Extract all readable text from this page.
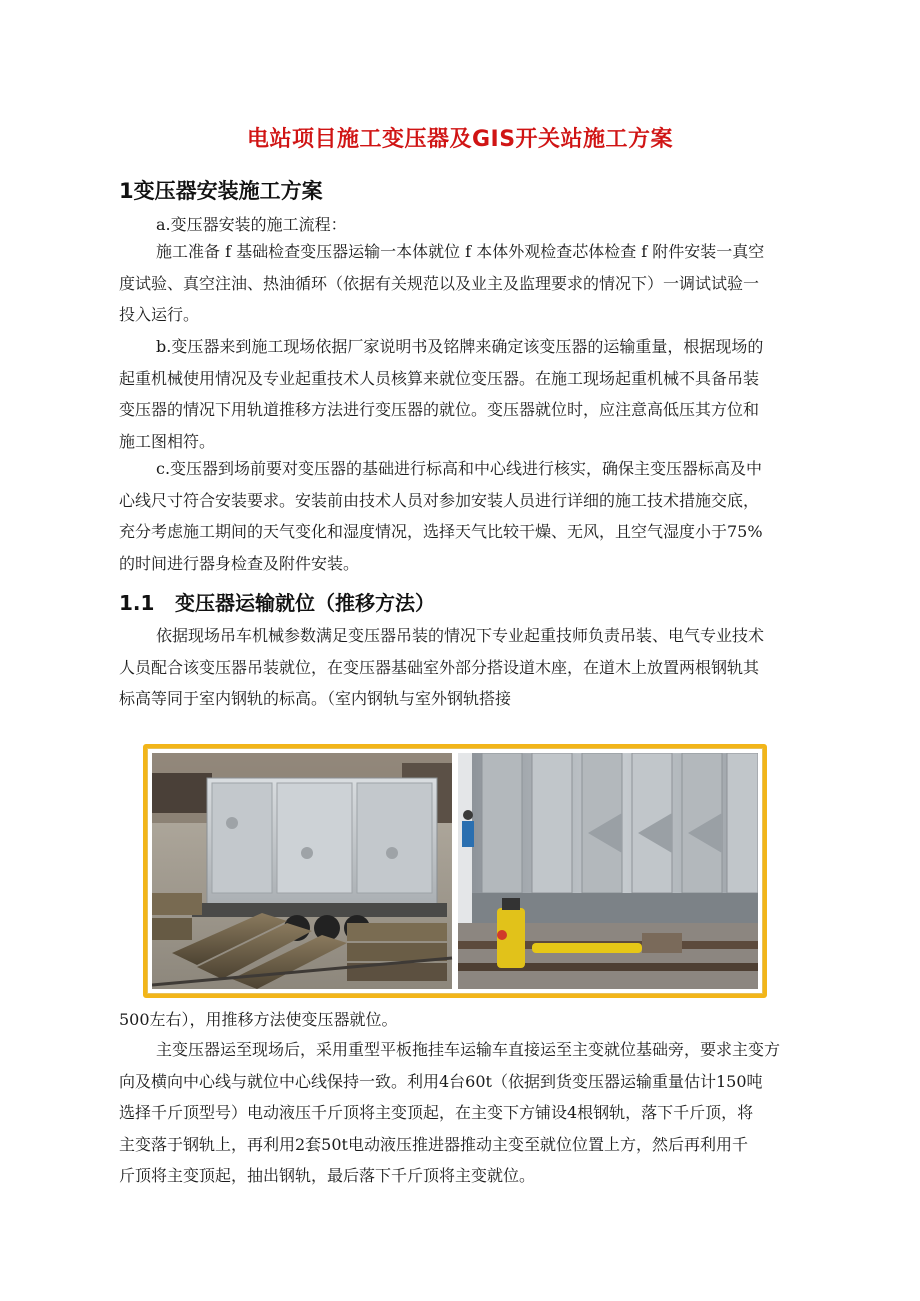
电站项目施工变压器及GIS开关站施工方案
1变压器安装施工方案
a.变压器安装的施工流程：
施工准备 f 基础检查变压器运输一本体就位 f 本体外观检查芯体检查 f 附件安装一真空
度试验、真空注油、热油循环（依据有关规范以及业主及监理要求的情况下）一调试试验一
投入运行。
b.变压器来到施工现场依据厂家说明书及铭牌来确定该变压器的运输重量，根据现场的
起重机械使用情况及专业起重技术人员核算来就位变压器。在施工现场起重机械不具备吊装
变压器的情况下用轨道推移方法进行变压器的就位。变压器就位时，应注意高低压其方位和
施工图相符。
c.变压器到场前要对变压器的基础进行标高和中心线进行核实，确保主变压器标高及中
心线尺寸符合安装要求。安装前由技术人员对参加安装人员进行详细的施工技术措施交底，
充分考虑施工期间的天气变化和湿度情况，选择天气比较干燥、无风，且空气湿度小于75%
的时间进行器身检查及附件安装。
1.1 变压器运输就位（推移方法）
依据现场吊车机械参数满足变压器吊装的情况下专业起重技师负责吊装、电气专业技术
人员配合该变压器吊装就位，在变压器基础室外部分搭设道木座，在道木上放置两根钢轨其
标高等同于室内钢轨的标高。（室内钢轨与室外钢轨搭接
500左右），用推移方法使变压器就位。
主变压器运至现场后，采用重型平板拖挂车运输车直接运至主变就位基础旁，要求主变方
向及横向中心线与就位中心线保持一致。利用4台60t（依据到货变压器运输重量估计150吨
选择千斤顶型号）电动液压千斤顶将主变顶起，在主变下方铺设4根钢轨，落下千斤顶，将
主变落于钢轨上，再利用2套50t电动液压推进器推动主变至就位位置上方，然后再利用千
斤顶将主变顶起，抽出钢轨，最后落下千斤顶将主变就位。
